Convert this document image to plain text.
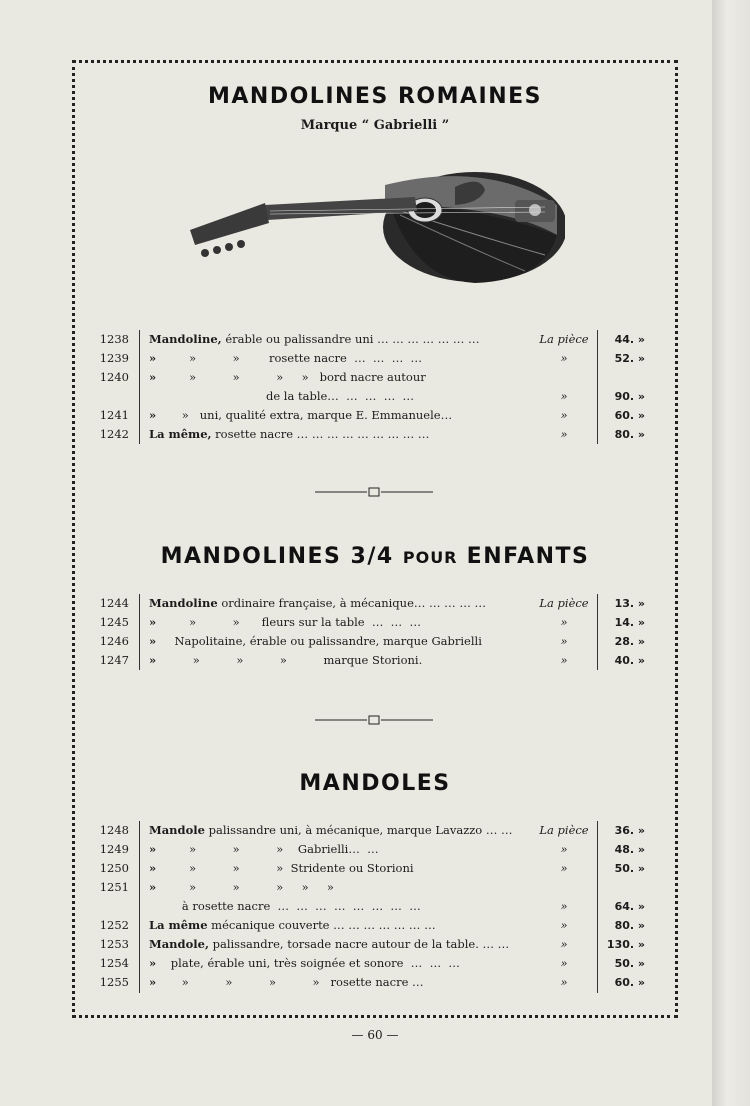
MANDOLINES ROMAINES
Marque “ Gabrielli ”
1238 Mandoline, érable ou palissandre uni … … … … … … …	La pièce	44. »
1239 »         »          »        rosette nacre  …  …  …  …	»	52. »
1240 »         »          »          »     »   bord nacre autour
de la table…  …  …  …  …	»	90. »
1241 »       »   uni, qualité extra, marque E. Emmanuele…	»	60. »
1242 La même, rosette nacre … … … … … … … … …	»	80. »
MANDOLINES 3/4 POUR ENFANTS
1244 Mandoline ordinaire française, à mécanique… … … … …	La pièce	13. »
1245 »         »          »      fleurs sur la table  …  …  …	»	14. »
1246 »     Napolitaine, érable ou palissandre, marque Gabrielli	»	28. »
1247 »          »          »          »          marque Storioni.	»	40. »
MANDOLES
1248 Mandole palissandre uni, à mécanique, marque Lavazzo … …	La pièce	36. »
1249 »         »          »          »    Gabrielli…  …	»	48. »
1250 »         »          »          »  Stridente ou Storioni	»	50. »
1251 »         »          »          »     »     »
à rosette nacre  …  …  …  …  …  …  …  …	»	64. »
1252 La même mécanique couverte … … … … … … …	»	80. »
1253 Mandole, palissandre, torsade nacre autour de la table. … …	»	130. »
1254 »    plate, érable uni, très soignée et sonore  …  …  …	»	50. »
1255 »       »          »          »          »   rosette nacre …	»	60. »
— 60 —
